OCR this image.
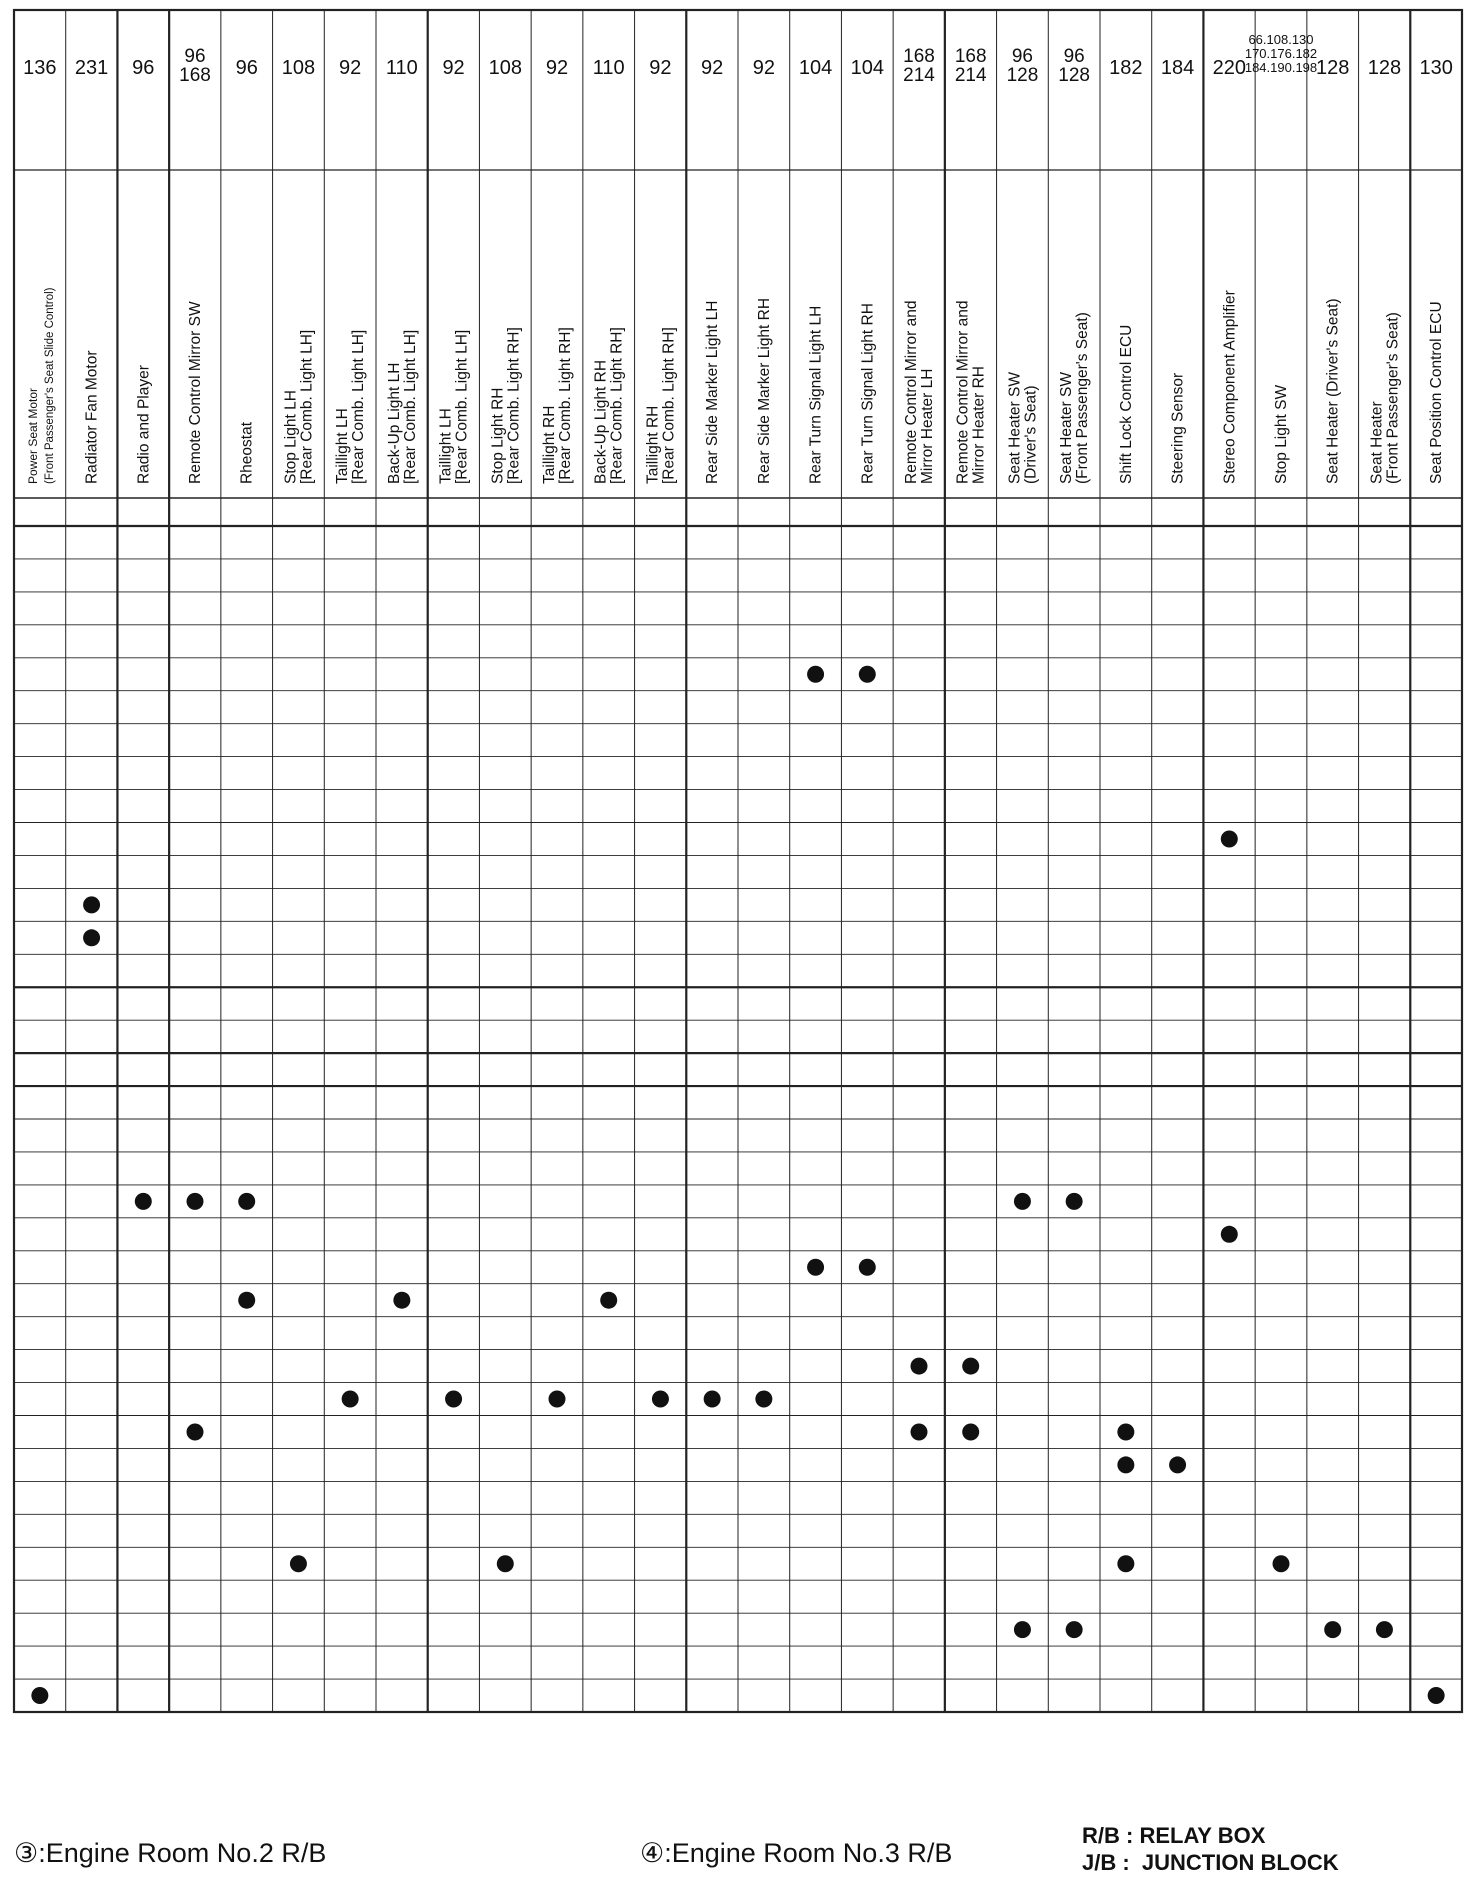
136
Power Seat Motor (Front Passenger's Seat Slide Control)
231
Radiator Fan Motor
96
Radio and Player
96
168
Remote Control Mirror SW
96
Rheostat
108
Stop Light LH [Rear Comb. Light LH]
92
Taillight LH [Rear Comb. Light LH]
110
Back-Up Light LH [Rear Comb. Light LH]
92
Taillight LH [Rear Comb. Light LH]
108
Stop Light RH [Rear Comb. Light RH]
92
Taillight RH [Rear Comb. Light RH]
110
Back-Up Light RH [Rear Comb. Light RH]
92
Taillight RH [Rear Comb. Light RH]
92
Rear Side Marker Light LH
92
Rear Side Marker Light RH
104
Rear Turn Signal Light LH
104
Rear Turn Signal Light RH
168
214
Remote Control Mirror and Mirror Heater LH
168
214
Remote Control Mirror and Mirror Heater RH
96
128
Seat Heater SW (Driver's Seat)
96
128
Seat Heater SW (Front Passenger's Seat)
182
Shift Lock Control ECU
184
Steering Sensor
220
Stereo Component Amplifier
66.108.130
170.176.182
184.190.198
Stop Light SW
128
Seat Heater (Driver's Seat)
128
Seat Heater (Front Passenger's Seat)
130
Seat Position Control ECU
③:Engine Room No.2 R/B	④:Engine Room No.3 R/B
R/B : RELAY BOX
J/B :  JUNCTION BLOCK
